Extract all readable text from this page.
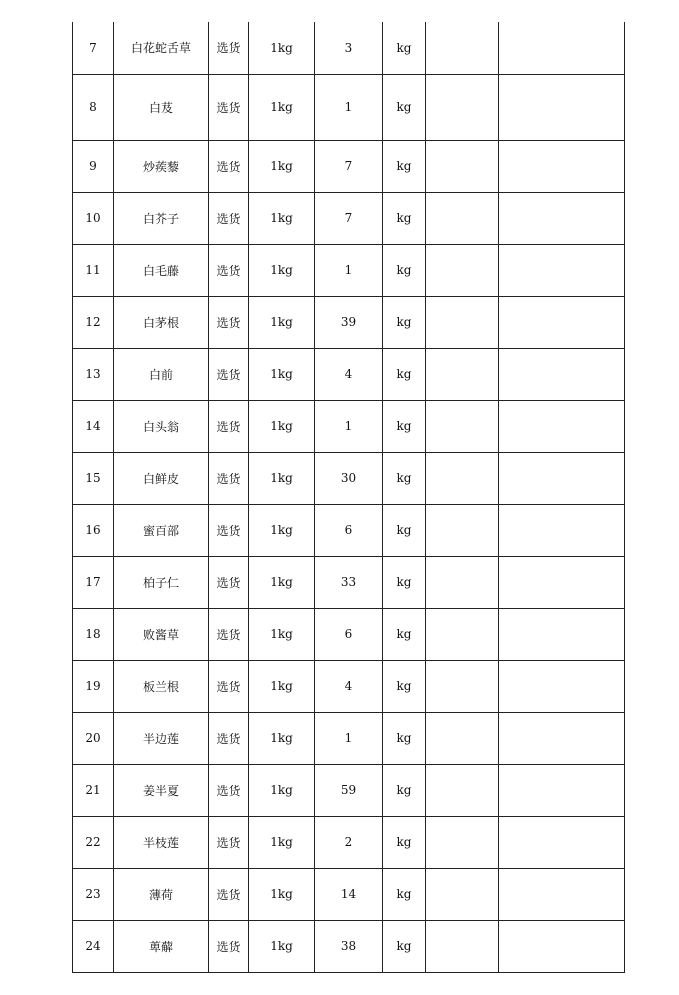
7	白花蛇舌草	选货	1kg	3	kg		
8	白芨	选货	1kg	1	kg		
9	炒蒺藜	选货	1kg	7	kg		
10	白芥子	选货	1kg	7	kg		
11	白毛藤	选货	1kg	1	kg		
12	白茅根	选货	1kg	39	kg		
13	白前	选货	1kg	4	kg		
14	白头翁	选货	1kg	1	kg		
15	白鲜皮	选货	1kg	30	kg		
16	蜜百部	选货	1kg	6	kg		
17	柏子仁	选货	1kg	33	kg		
18	败酱草	选货	1kg	6	kg		
19	板兰根	选货	1kg	4	kg		
20	半边莲	选货	1kg	1	kg		
21	姜半夏	选货	1kg	59	kg		
22	半枝莲	选货	1kg	2	kg		
23	薄荷	选货	1kg	14	kg		
24	萆薢	选货	1kg	38	kg		
